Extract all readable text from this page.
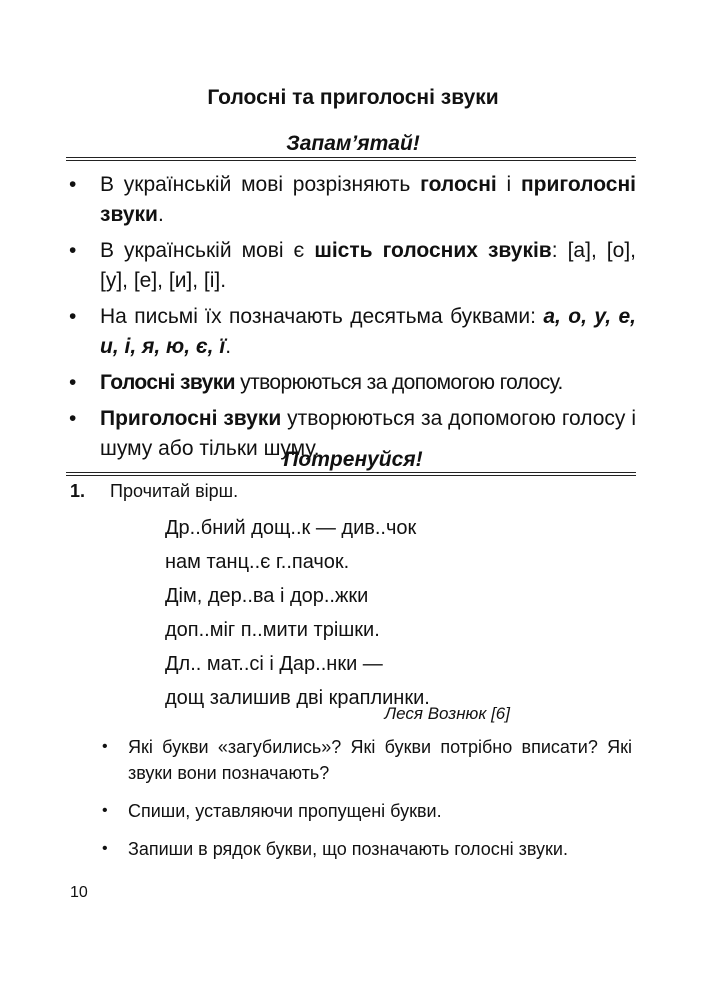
Голосні та приголосні звуки
Запам’ятай!
• В українській мові розрізняють голосні і приголосні звуки.
• В українській мові є шість голосних звуків: [а], [о], [у], [е], [и], [і].
• На письмі їх позначають десятьма буквами: а, о, у, е, и, і, я, ю, є, ї.
• Голосні звуки утворюються за допомогою голосу.
• Приголосні звуки утворюються за допомогою голосу і шуму або тільки шуму.
Потренуйся!
1. Прочитай вірш.
Др..бний дощ..к — див..чок
нам танц..є г..пачок.
Дім, дер..ва і дор..жки
доп..міг п..мити трішки.
Дл.. мат..сі і Дар..нки —
дощ залишив дві краплинки.
Леся Вознюк [6]
• Які букви «загубились»? Які букви потрібно вписати? Які звуки вони позначають?
• Спиши, уставляючи пропущені букви.
• Запиши в рядок букви, що позначають голосні звуки.
10
